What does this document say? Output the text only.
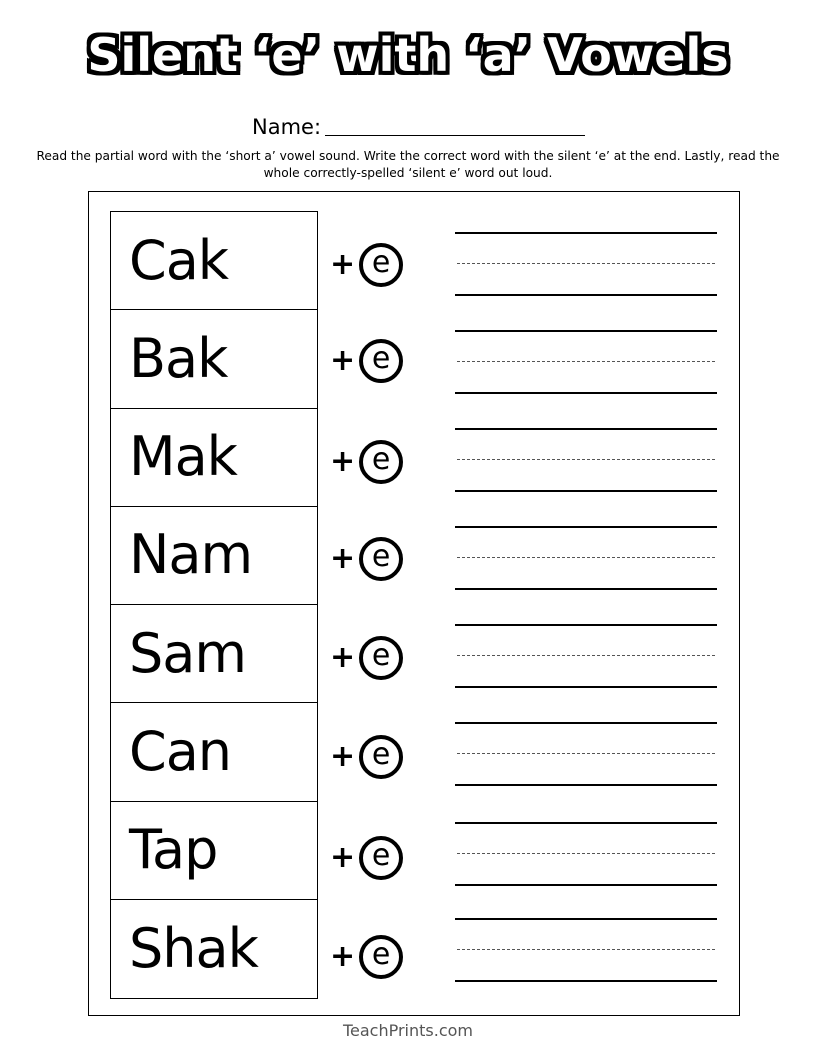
Silent ‘e’ with ‘a’ Vowels
Name:
Read the partial word with the ‘short a’ vowel sound. Write the correct word with the silent ‘e’ at the end. Lastly, read the whole correctly-spelled ‘silent e’ word out loud.
Cak
Bak
Mak
Nam
Sam
Can
Tap
Shak
+ e
+ e
+ e
+ e
+ e
+ e
+ e
+ e
TeachPrints.com
